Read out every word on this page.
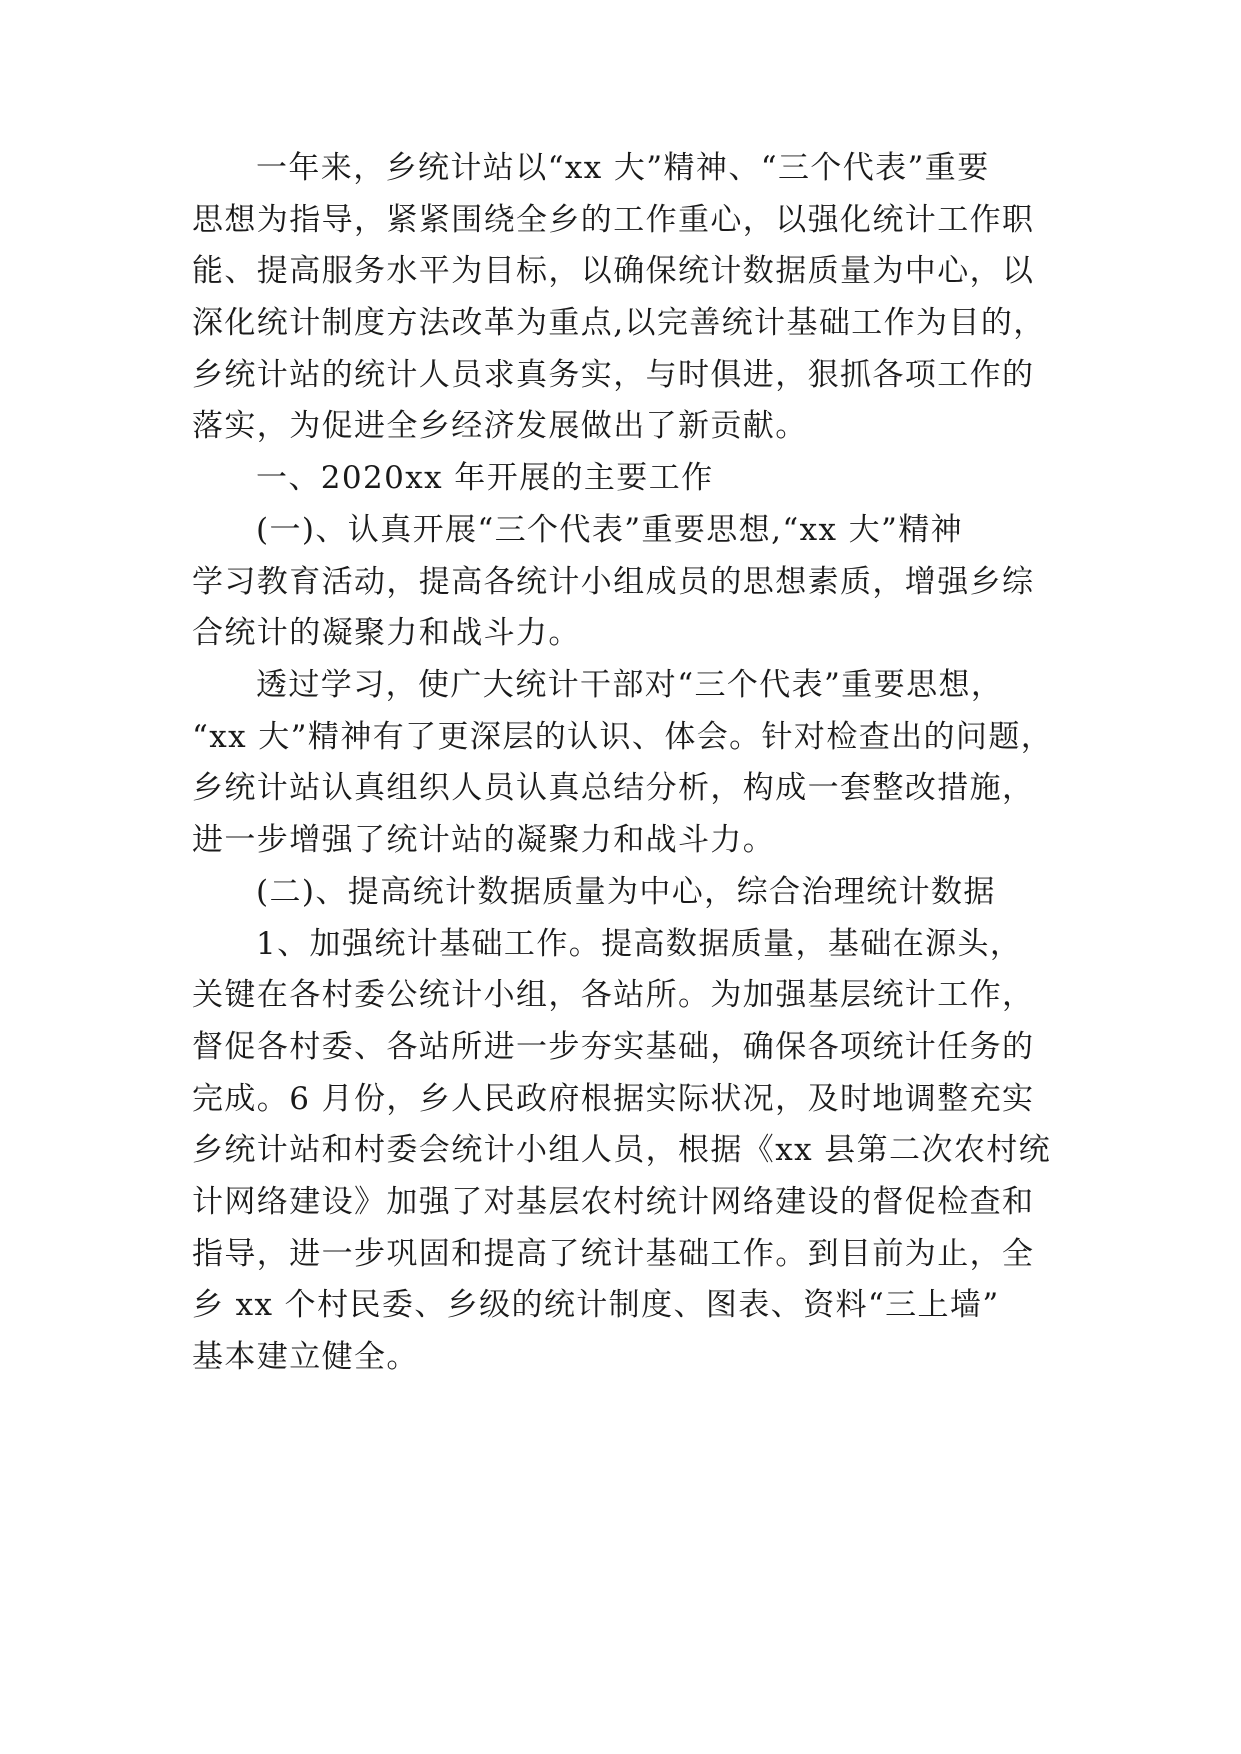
一年来，乡统计站以“xx 大”精神、“三个代表”重要
思想为指导，紧紧围绕全乡的工作重心，以强化统计工作职
能、提高服务水平为目标，以确保统计数据质量为中心，以
深化统计制度方法改革为重点,以完善统计基础工作为目的，
乡统计站的统计人员求真务实，与时俱进，狠抓各项工作的
落实，为促进全乡经济发展做出了新贡献。
一、2020xx 年开展的主要工作
(一)、认真开展“三个代表”重要思想,“xx 大”精神
学习教育活动，提高各统计小组成员的思想素质，增强乡综
合统计的凝聚力和战斗力。
透过学习，使广大统计干部对“三个代表”重要思想，
“xx 大”精神有了更深层的认识、体会。针对检查出的问题，
乡统计站认真组织人员认真总结分析，构成一套整改措施，
进一步增强了统计站的凝聚力和战斗力。
(二)、提高统计数据质量为中心，综合治理统计数据
1、加强统计基础工作。提高数据质量，基础在源头，
关键在各村委公统计小组，各站所。为加强基层统计工作，
督促各村委、各站所进一步夯实基础，确保各项统计任务的
完成。6 月份，乡人民政府根据实际状况，及时地调整充实
乡统计站和村委会统计小组人员，根据《xx 县第二次农村统
计网络建设》加强了对基层农村统计网络建设的督促检查和
指导，进一步巩固和提高了统计基础工作。到目前为止，全
乡 xx 个村民委、乡级的统计制度、图表、资料“三上墙”
基本建立健全。
